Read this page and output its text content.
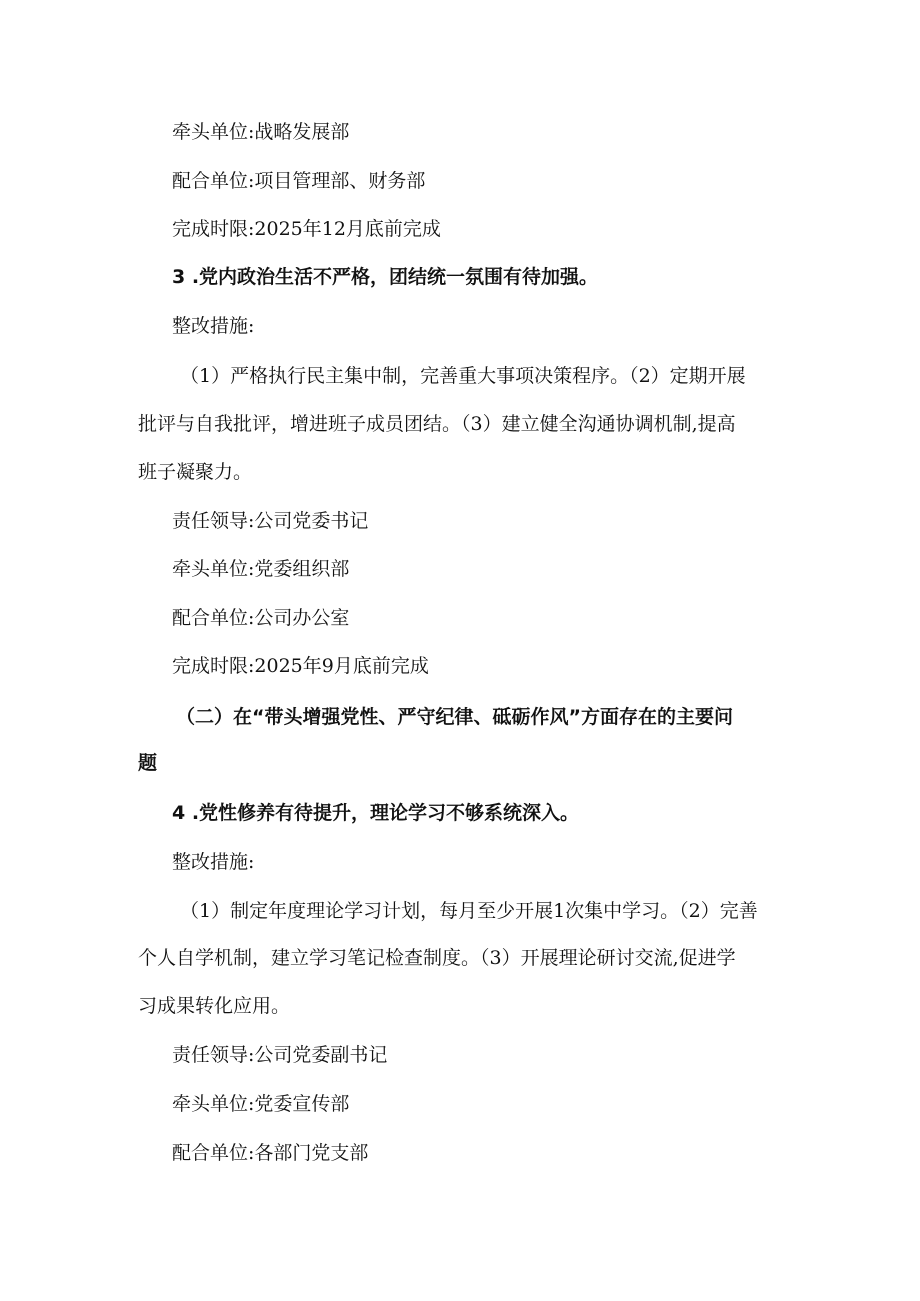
牵头单位:战略发展部
配合单位:项目管理部、财务部
完成时限:2025年12月底前完成
3 .党内政治生活不严格，团结统一氛围有待加强。
整改措施:
（1）严格执行民主集中制，完善重大事项决策程序。（2）定期开展
批评与自我批评，增进班子成员团结。（3）建立健全沟通协调机制,提高
班子凝聚力。
责任领导:公司党委书记
牵头单位:党委组织部
配合单位:公司办公室
完成时限:2025年9月底前完成
（二）在“带头增强党性、严守纪律、砥砺作风”方面存在的主要问
题
4 .党性修养有待提升，理论学习不够系统深入。
整改措施:
（1）制定年度理论学习计划，每月至少开展1次集中学习。（2）完善
个人自学机制，建立学习笔记检查制度。（3）开展理论研讨交流,促进学
习成果转化应用。
责任领导:公司党委副书记
牵头单位:党委宣传部
配合单位:各部门党支部
